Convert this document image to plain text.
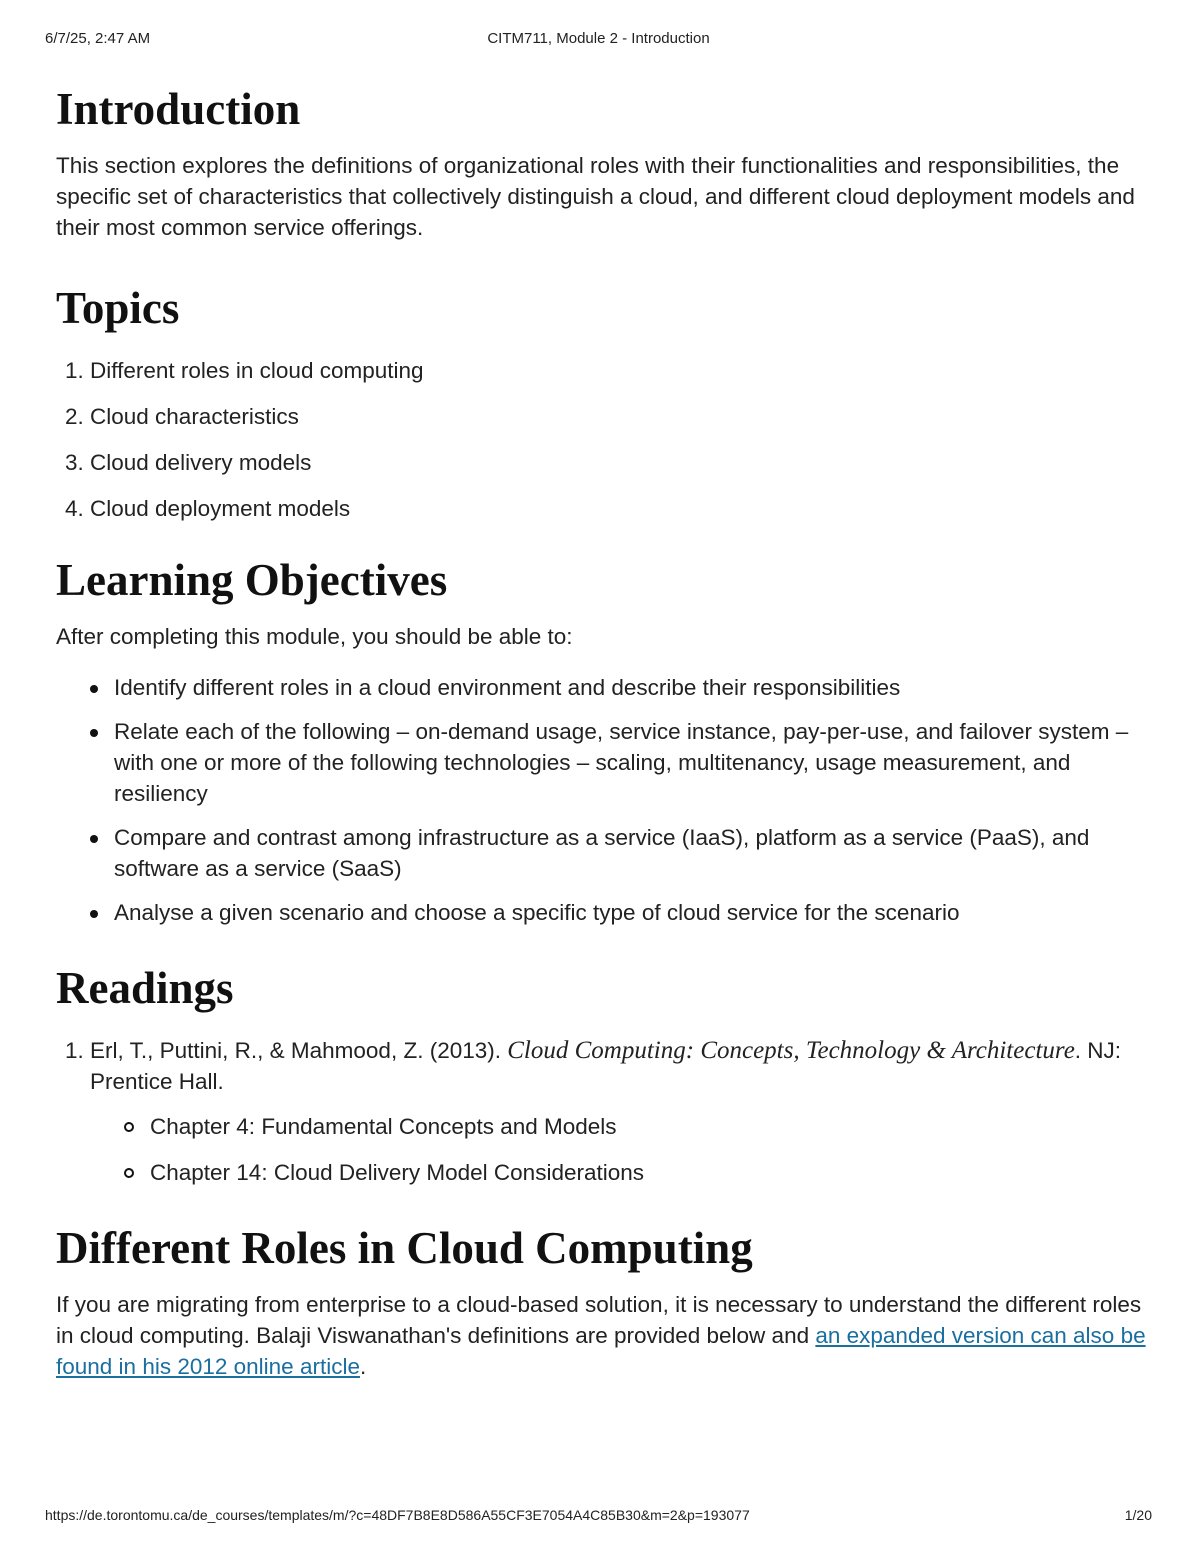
6/7/25, 2:47 AM	CITM711, Module 2 - Introduction
Introduction

This section explores the definitions of organizational roles with their functionalities and responsibilities, the specific set of characteristics that collectively distinguish a cloud, and different cloud deployment models and their most common service offerings.

Topics
1. Different roles in cloud computing
2. Cloud characteristics
3. Cloud delivery models
4. Cloud deployment models
Learning Objectives

After completing this module, you should be able to:

Identify different roles in a cloud environment and describe their responsibilities
Relate each of the following – on-demand usage, service instance, pay-per-use, and failover system – with one or more of the following technologies – scaling, multitenancy, usage measurement, and resiliency
Compare and contrast among infrastructure as a service (IaaS), platform as a service (PaaS), and software as a service (SaaS)
Analyse a given scenario and choose a specific type of cloud service for the scenario
Readings
1. Erl, T., Puttini, R., & Mahmood, Z. (2013). Cloud Computing: Concepts, Technology & Architecture. NJ: Prentice Hall.
Chapter 4: Fundamental Concepts and Models
Chapter 14: Cloud Delivery Model Considerations
Different Roles in Cloud Computing

If you are migrating from enterprise to a cloud-based solution, it is necessary to understand the different roles in cloud computing. Balaji Viswanathan's definitions are provided below and an expanded version can also be found in his 2012 online article.

https://de.torontomu.ca/de_courses/templates/m/?c=48DF7B8E8D586A55CF3E7054A4C85B30&m=2&p=193077	1/20
